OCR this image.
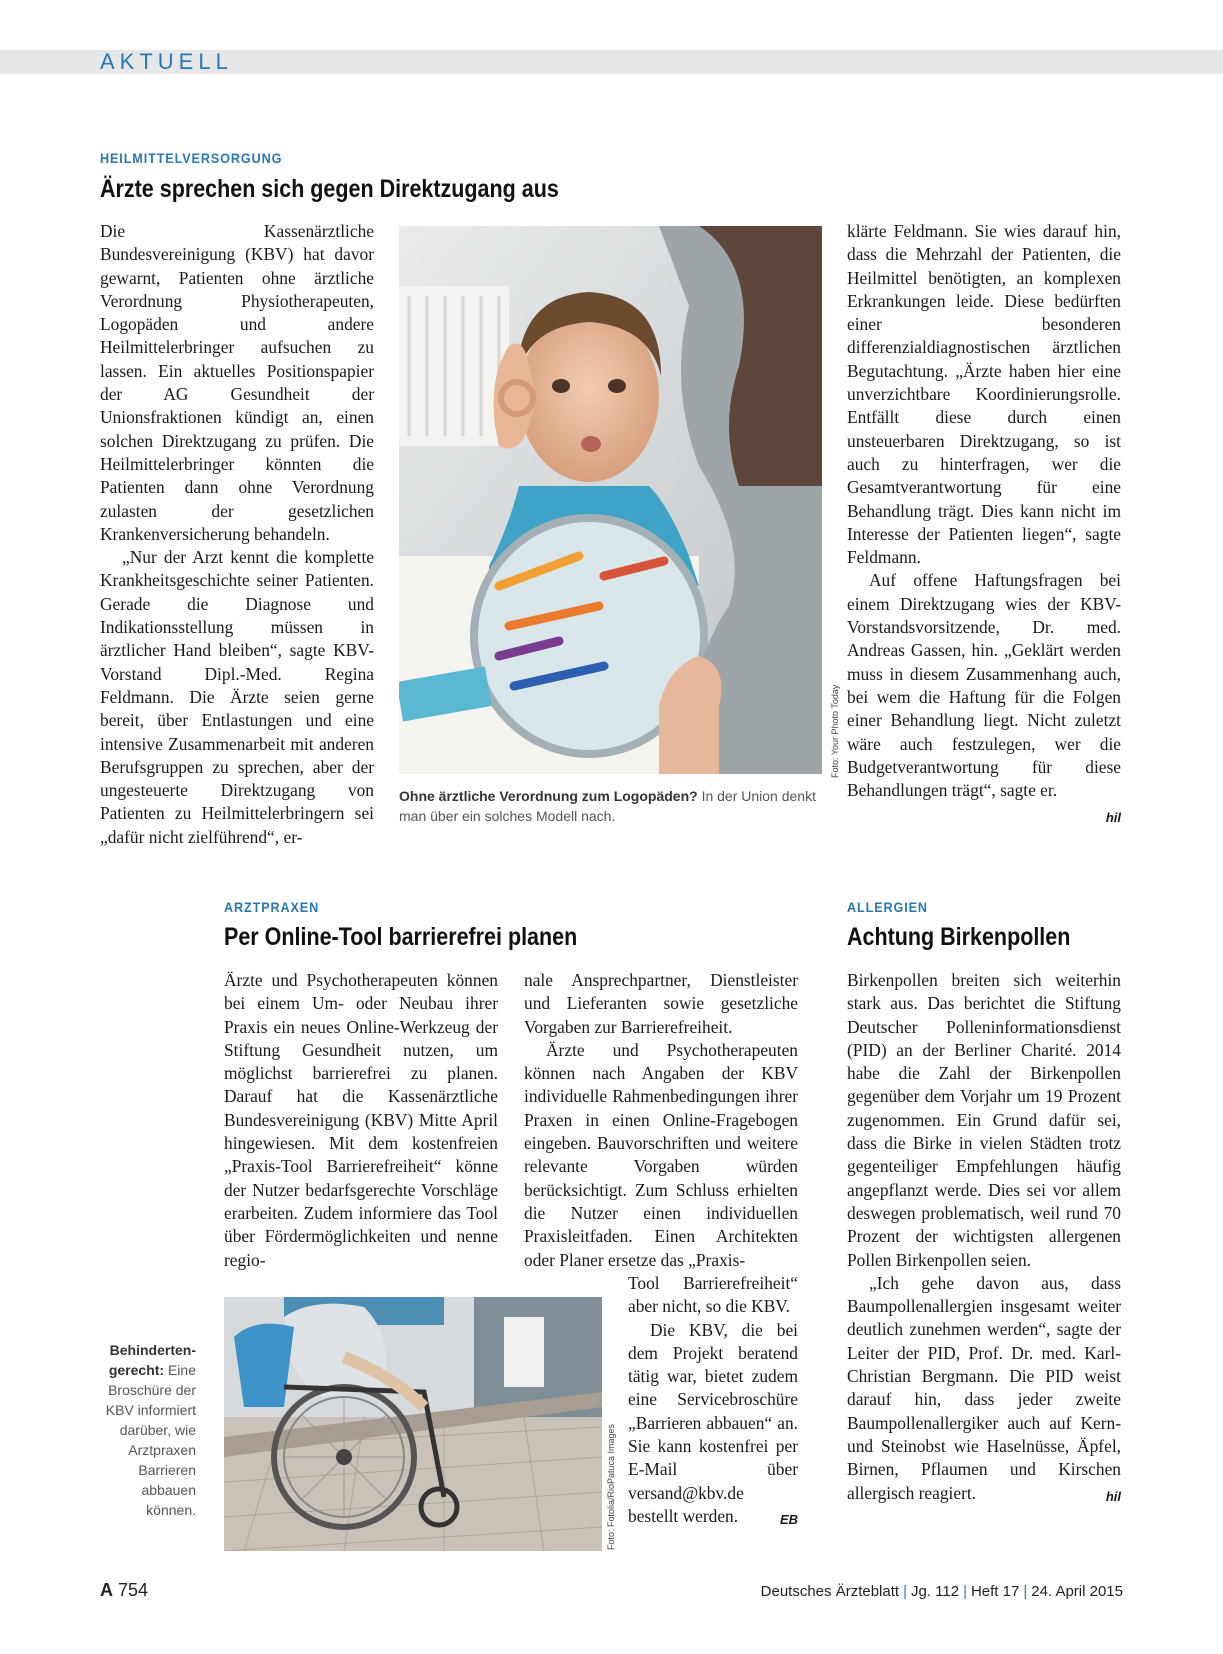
AKTUELL
HEILMITTELVERSORGUNG
Ärzte sprechen sich gegen Direktzugang aus

Die Kassenärztliche Bundesvereinigung (KBV) hat davor gewarnt, Patienten ohne ärztliche Verordnung Physiotherapeuten, Logopäden und andere Heilmittelerbringer aufsuchen zu lassen. Ein aktuelles Positionspapier der AG Gesundheit der Unionsfraktionen kündigt an, einen solchen Direktzugang zu prüfen. Die Heilmittelerbringer könnten die Patienten dann ohne Verordnung zulasten der gesetzlichen Krankenversicherung behandeln.

„Nur der Arzt kennt die komplette Krankheitsgeschichte seiner Patienten. Gerade die Diagnose und Indikationsstellung müssen in ärztlicher Hand bleiben“, sagte KBV-Vorstand Dipl.-Med. Regina Feldmann. Die Ärzte seien gerne bereit, über Entlastungen und eine intensive Zusammenarbeit mit anderen Berufsgruppen zu sprechen, aber der ungesteuerte Direktzugang von Patienten zu Heilmittelerbringern sei „dafür nicht zielführend“, er-

Foto: Your Photo Today
Ohne ärztliche Verordnung zum Logopäden? In der Union denkt man über ein solches Modell nach.

klärte Feldmann. Sie wies darauf hin, dass die Mehrzahl der Patienten, die Heilmittel benötigten, an komplexen Erkrankungen leide. Diese bedürften einer besonderen differenzialdiagnostischen ärztlichen Begutachtung. „Ärzte haben hier eine unverzichtbare Koordinierungsrolle. Entfällt diese durch einen unsteuerbaren Direktzugang, so ist auch zu hinterfragen, wer die Gesamtverantwortung für eine Behandlung trägt. Dies kann nicht im Interesse der Patienten liegen“, sagte Feldmann.

Auf offene Haftungsfragen bei einem Direktzugang wies der KBV-Vorstandsvorsitzende, Dr. med. Andreas Gassen, hin. „Geklärt werden muss in diesem Zusammenhang auch, bei wem die Haftung für die Folgen einer Behandlung liegt. Nicht zuletzt wäre auch festzulegen, wer die Budgetverantwortung für diese Behandlungen trägt“, sagte er.

hil
ARZTPRAXEN
Per Online-Tool barrierefrei planen

Ärzte und Psychotherapeuten können bei einem Um- oder Neubau ihrer Praxis ein neues Online-Werkzeug der Stiftung Gesundheit nutzen, um möglichst barrierefrei zu planen. Darauf hat die Kassenärztliche Bundesvereinigung (KBV) Mitte April hingewiesen. Mit dem kostenfreien „Praxis-Tool Barrierefreiheit“ könne der Nutzer bedarfsgerechte Vorschläge erarbeiten. Zudem informiere das Tool über Fördermöglichkeiten und nenne regio-

nale Ansprechpartner, Dienstleister und Lieferanten sowie gesetzliche Vorgaben zur Barrierefreiheit.

Ärzte und Psychotherapeuten können nach Angaben der KBV individuelle Rahmenbedingungen ihrer Praxen in einen Online-Fragebogen eingeben. Bauvorschriften und weitere relevante Vorgaben würden berücksichtigt. Zum Schluss erhielten die Nutzer einen individuellen Praxisleitfaden. Einen Architekten oder Planer ersetze das „Praxis-

Foto: Fotolia/RioPatuca Images
Behindertengerecht: Eine Broschüre der KBV informiert darüber, wie Arztpraxen Barrieren abbauen können.

Tool Barrierefreiheit“ aber nicht, so die KBV.

Die KBV, die bei dem Projekt beratend tätig war, bietet zudem eine Servicebroschüre „Barrieren abbauen“ an. Sie kann kostenfrei per E-Mail über versand@kbv.de bestellt werden.	EB
ALLERGIEN
Achtung Birkenpollen

Birkenpollen breiten sich weiterhin stark aus. Das berichtet die Stiftung Deutscher Polleninformationsdienst (PID) an der Berliner Charité. 2014 habe die Zahl der Birkenpollen gegenüber dem Vorjahr um 19 Prozent zugenommen. Ein Grund dafür sei, dass die Birke in vielen Städten trotz gegenteiliger Empfehlungen häufig angepflanzt werde. Dies sei vor allem deswegen problematisch, weil rund 70 Prozent der wichtigsten allergenen Pollen Birkenpollen seien.

„Ich gehe davon aus, dass Baumpollenallergien insgesamt weiter deutlich zunehmen werden“, sagte der Leiter der PID, Prof. Dr. med. Karl-Christian Bergmann. Die PID weist darauf hin, dass jeder zweite Baumpollenallergiker auch auf Kern- und Steinobst wie Haselnüsse, Äpfel, Birnen, Pflaumen und Kirschen allergisch reagiert.	hil
A 754	Deutsches Ärzteblatt | Jg. 112 | Heft 17 | 24. April 2015
